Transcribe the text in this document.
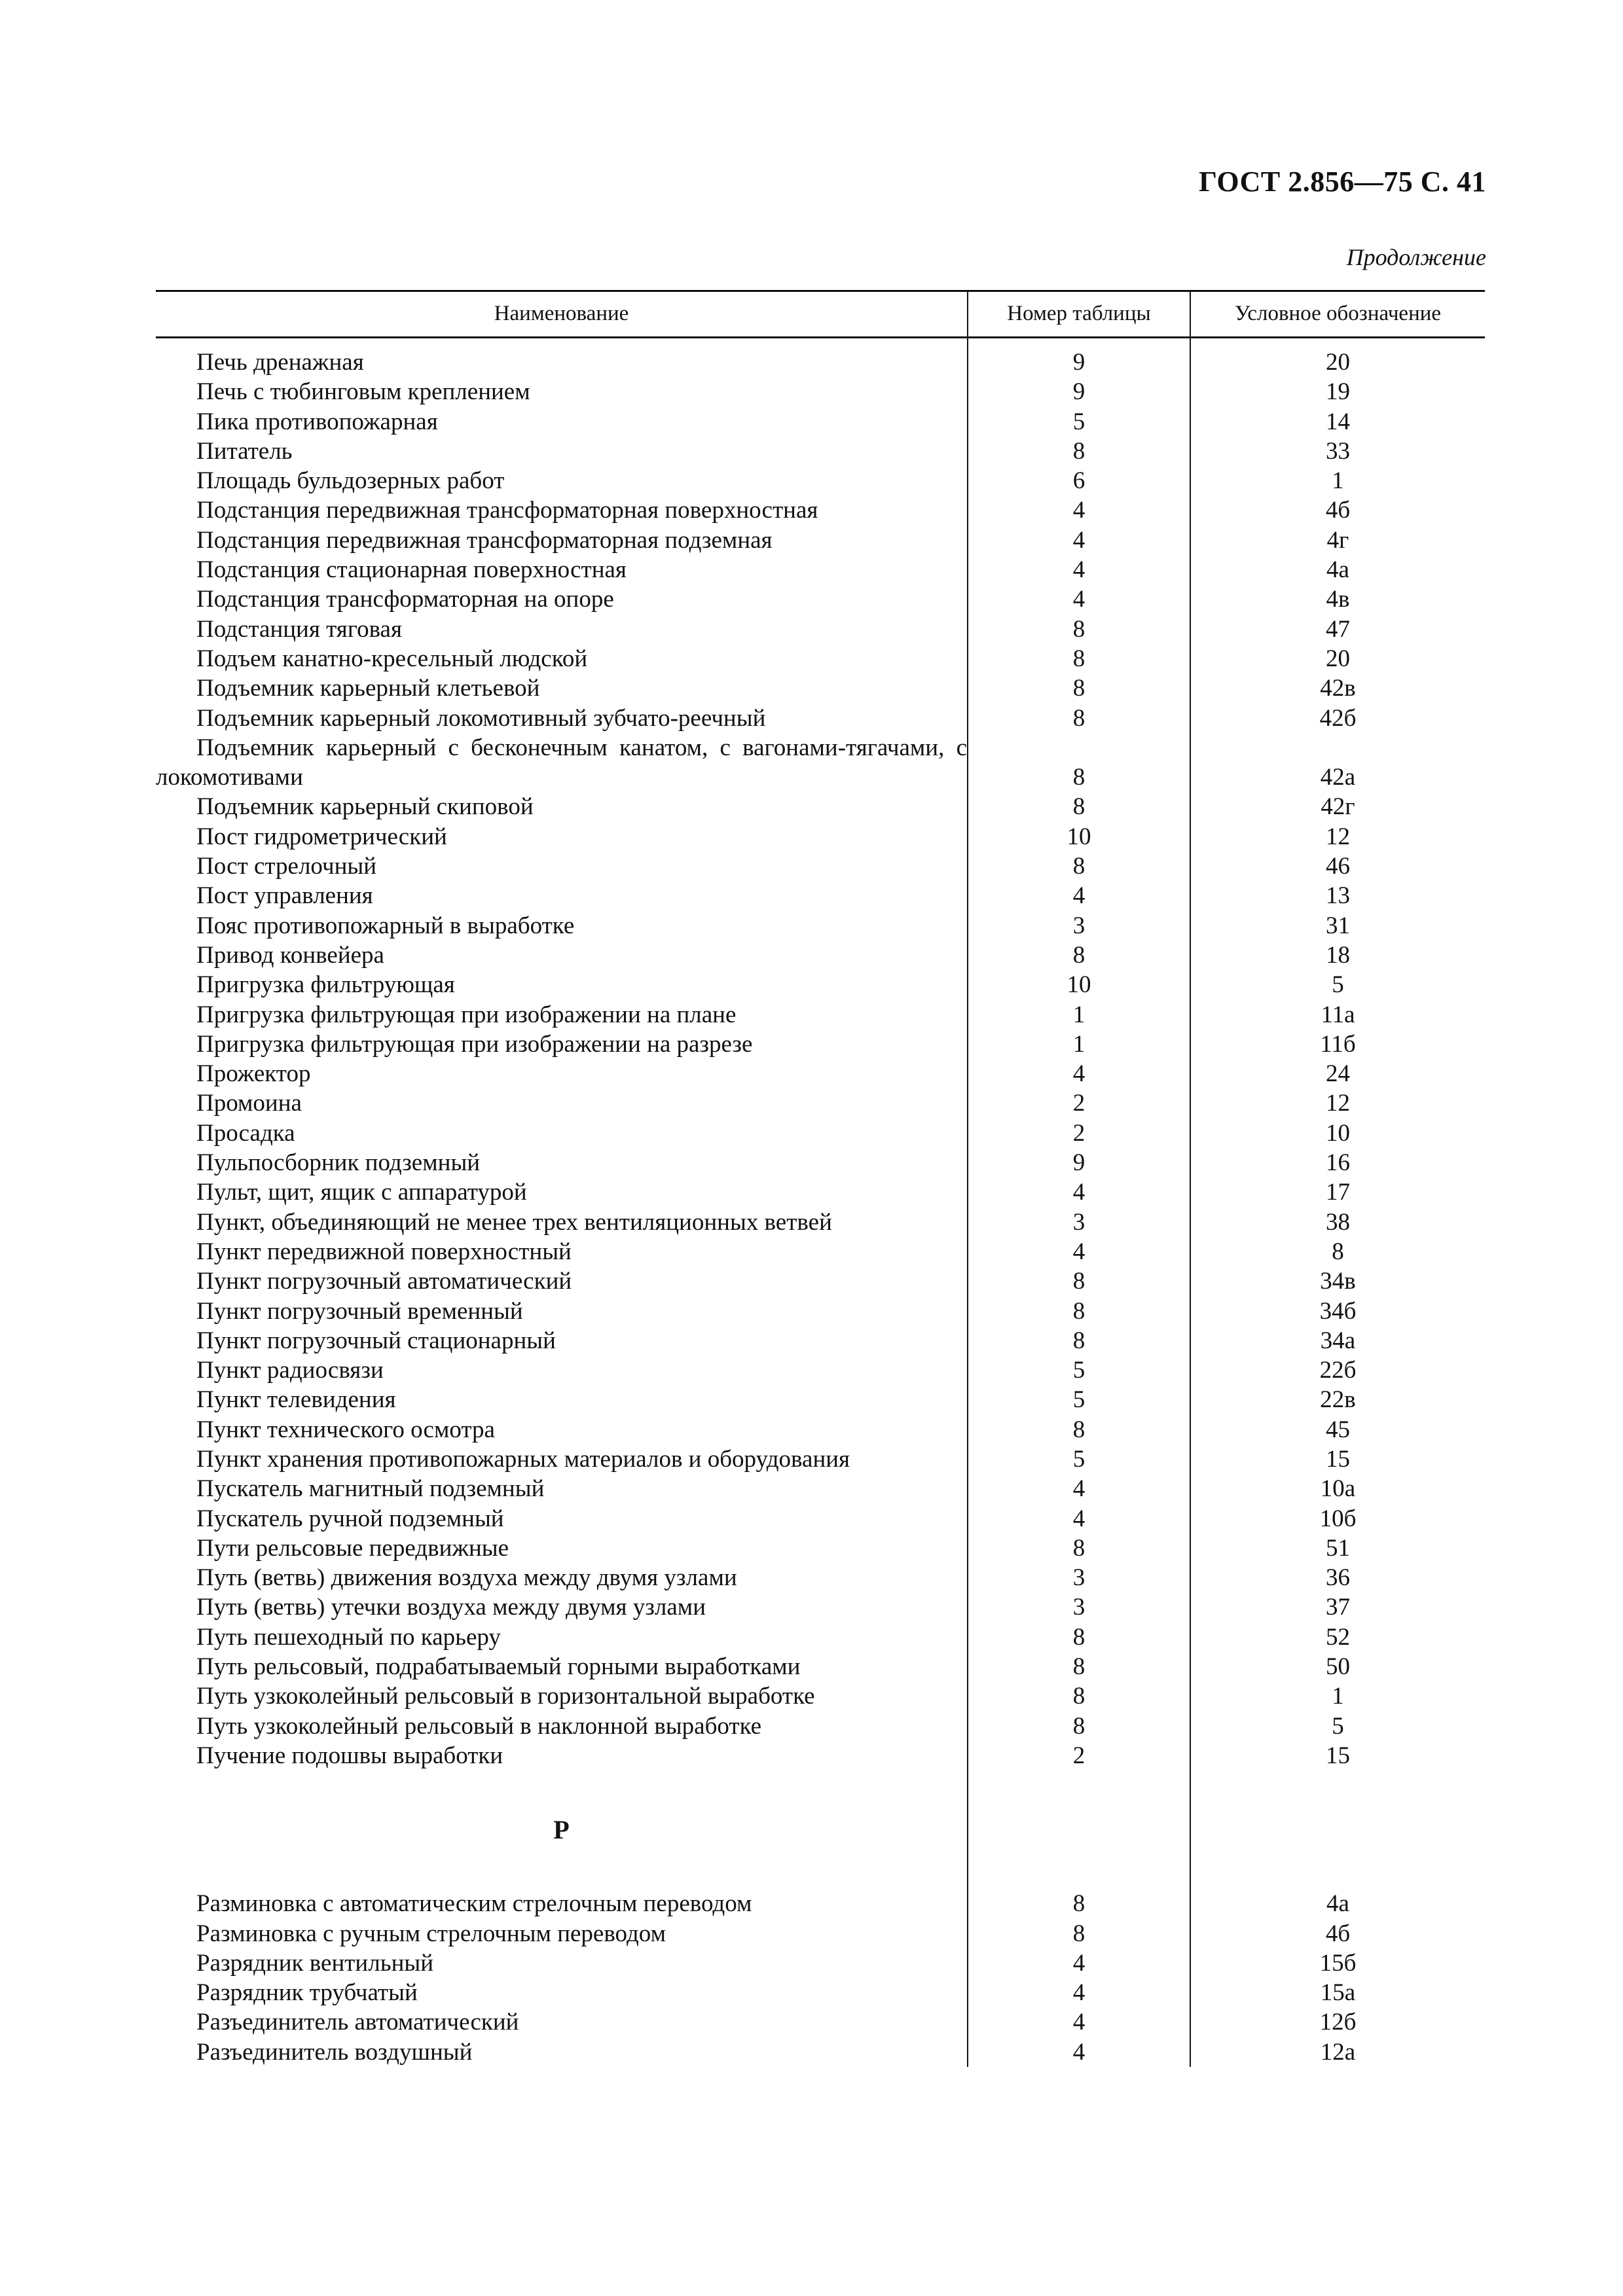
ГОСТ 2.856—75 С. 41
Продолжение
Наименование	Номер таблицы	Условное обозначение

Печь дренажная	9	20

Печь с тюбинговым креплением	9	19

Пика противопожарная	5	14

Питатель	8	33

Площадь бульдозерных работ	6	1

Подстанция передвижная трансформаторная поверхностная	4	4б

Подстанция передвижная трансформаторная подземная	4	4г

Подстанция стационарная поверхностная	4	4а

Подстанция трансформаторная на опоре	4	4в

Подстанция тяговая	8	47

Подъем канатно-кресельный людской	8	20

Подъемник карьерный клетьевой	8	42в

Подъемник карьерный локомотивный зубчато-реечный	8	42б

Подъемник карьерный с бесконечным канатом, с вагонами-тягачами, с локомотивами	8	42а

Подъемник карьерный скиповой	8	42г

Пост гидрометрический	10	12

Пост стрелочный	8	46

Пост управления	4	13

Пояс противопожарный в выработке	3	31

Привод конвейера	8	18

Пригрузка фильтрующая	10	5

Пригрузка фильтрующая при изображении на плане	1	11а

Пригрузка фильтрующая при изображении на разрезе	1	11б

Прожектор	4	24

Промоина	2	12

Просадка	2	10

Пульпосборник подземный	9	16

Пульт, щит, ящик с аппаратурой	4	17

Пункт, объединяющий не менее трех вентиляционных ветвей	3	38

Пункт передвижной поверхностный	4	8

Пункт погрузочный автоматический	8	34в

Пункт погрузочный временный	8	34б

Пункт погрузочный стационарный	8	34а

Пункт радиосвязи	5	22б

Пункт телевидения	5	22в

Пункт технического осмотра	8	45

Пункт хранения противопожарных материалов и оборудования	5	15

Пускатель магнитный подземный	4	10а

Пускатель ручной подземный	4	10б

Пути рельсовые передвижные	8	51

Путь (ветвь) движения воздуха между двумя узлами	3	36

Путь (ветвь) утечки воздуха между двумя узлами	3	37

Путь пешеходный по карьеру	8	52

Путь рельсовый, подрабатываемый горными выработками	8	50

Путь узкоколейный рельсовый в горизонтальной выработке	8	1

Путь узкоколейный рельсовый в наклонной выработке	8	5

Пучение подошвы выработки	2	15

Р		

Разминовка с автоматическим стрелочным переводом	8	4а

Разминовка с ручным стрелочным переводом	8	4б

Разрядник вентильный	4	15б

Разрядник трубчатый	4	15а

Разъединитель автоматический	4	12б

Разъединитель воздушный	4	12а
